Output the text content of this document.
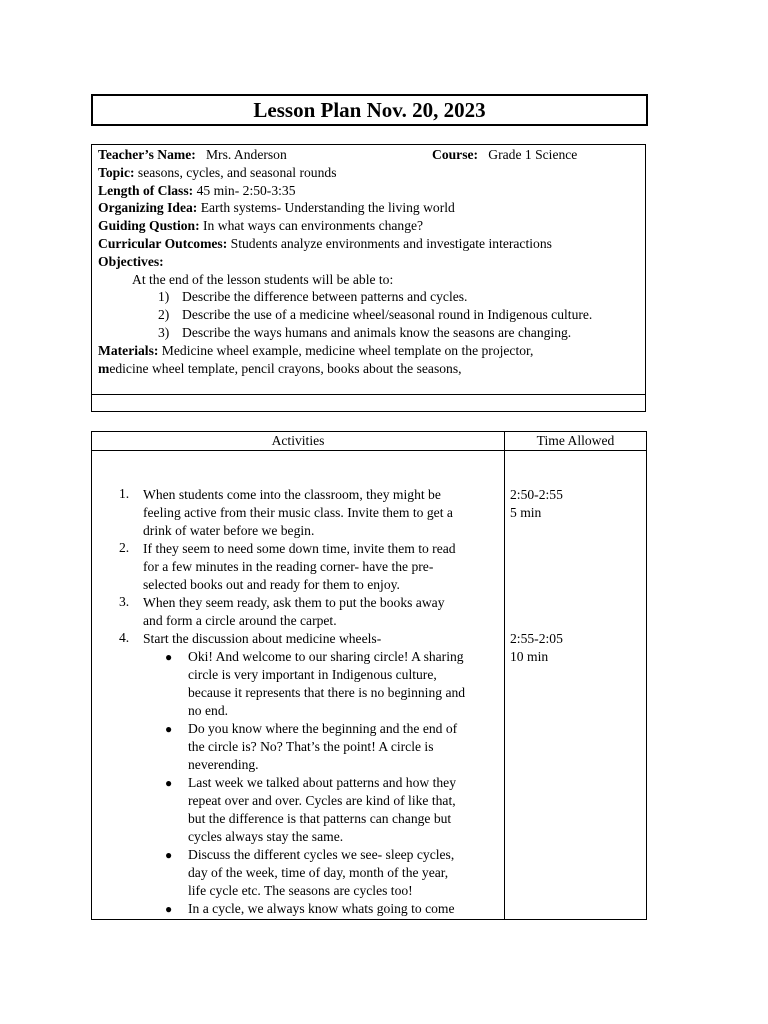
Lesson Plan Nov. 20, 2023
Teacher’s Name: Mrs. Anderson	Course: Grade 1 Science
Topic: seasons, cycles, and seasonal rounds
Length of Class: 45 min- 2:50-3:35
Organizing Idea: Earth systems- Understanding the living world
Guiding Qustion: In what ways can environments change?
Curricular Outcomes: Students analyze environments and investigate interactions
Objectives:
At the end of the lesson students will be able to:
1) Describe the difference between patterns and cycles.
2) Describe the use of a medicine wheel/seasonal round in Indigenous culture.
3) Describe the ways humans and animals know the seasons are changing.
Materials: Medicine wheel example, medicine wheel template on the projector,
medicine wheel template, pencil crayons, books about the seasons,
Activities	Time Allowed
1. When students come into the classroom, they might be
feeling active from their music class. Invite them to get a
drink of water before we begin.
2. If they seem to need some down time, invite them to read
for a few minutes in the reading corner- have the pre-
selected books out and ready for them to enjoy.
3. When they seem ready, ask them to put the books away
and form a circle around the carpet.
4. Start the discussion about medicine wheels-
● Oki! And welcome to our sharing circle! A sharing
circle is very important in Indigenous culture,
because it represents that there is no beginning and
no end.
● Do you know where the beginning and the end of
the circle is? No? That’s the point! A circle is
neverending.
● Last week we talked about patterns and how they
repeat over and over. Cycles are kind of like that,
but the difference is that patterns can change but
cycles always stay the same.
● Discuss the different cycles we see- sleep cycles,
day of the week, time of day, month of the year,
life cycle etc. The seasons are cycles too!
● In a cycle, we always know whats going to come
2:50-2:55
5 min
2:55-2:05
10 min
